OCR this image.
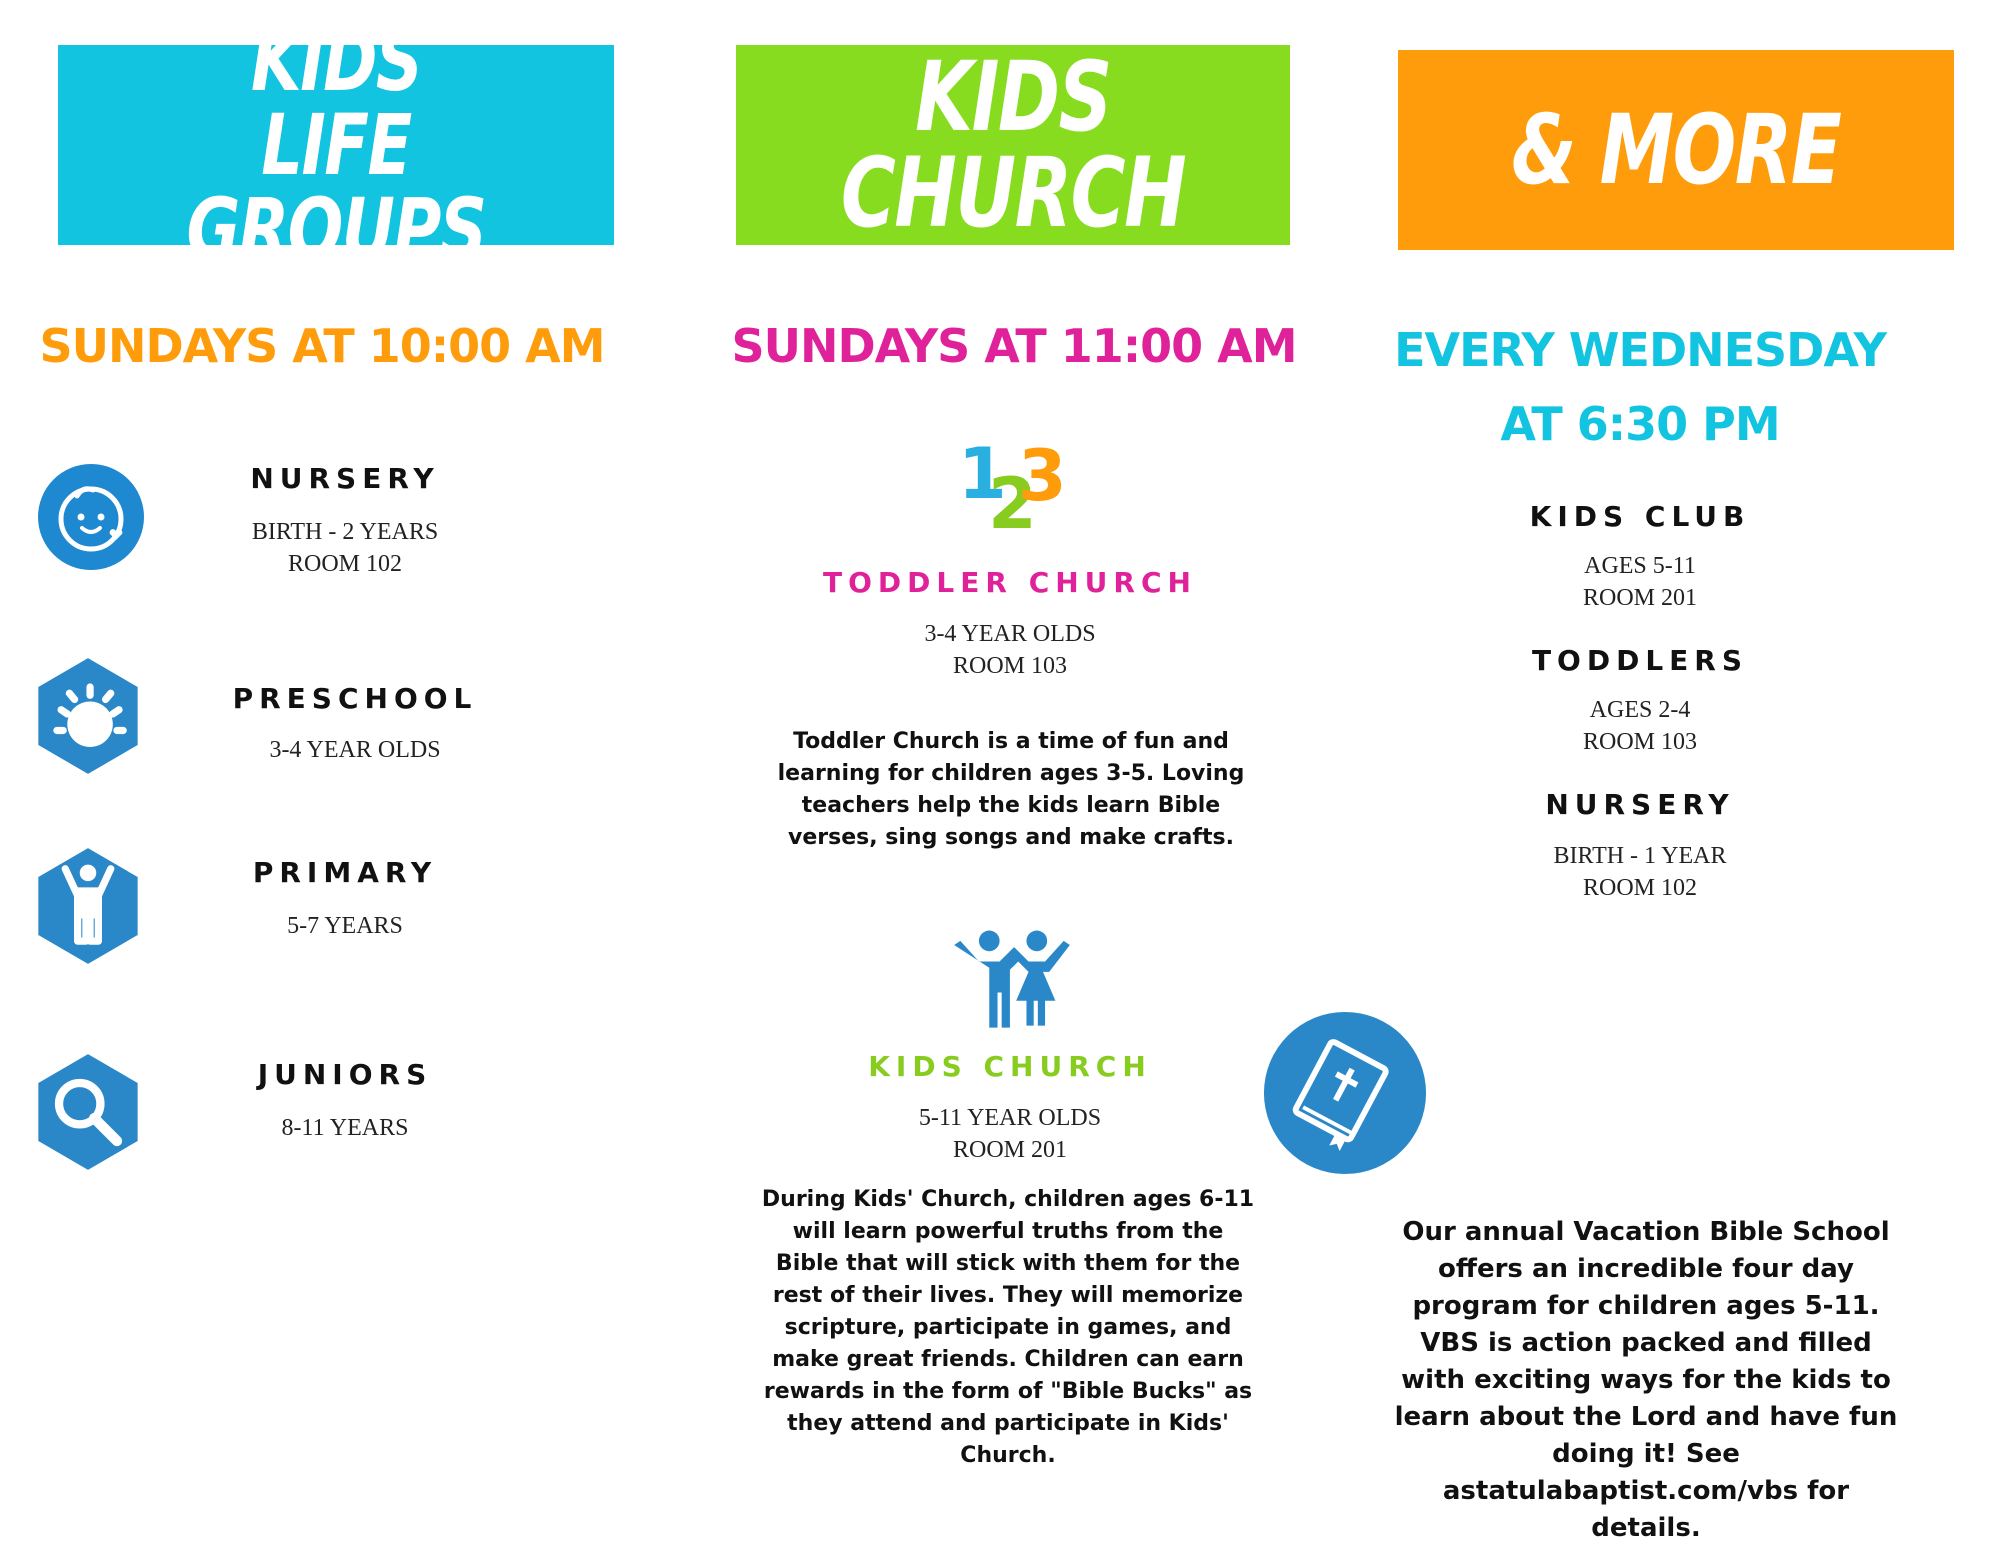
KIDS
LIFE GROUPS
SUNDAYS AT 10:00 AM
NURSERY
BIRTH - 2 YEARS
ROOM 102
PRESCHOOL
3-4 YEAR OLDS
PRIMARY
5-7 YEARS
JUNIORS
8-11 YEARS
KIDS CHURCH
SUNDAYS AT 11:00 AM
1
2
3
TODDLER CHURCH
3-4 YEAR OLDS
ROOM 103
Toddler Church is a time of fun and learning for children ages 3-5. Loving teachers help the kids learn Bible verses, sing songs and make crafts.
KIDS CHURCH
5-11 YEAR OLDS
ROOM 201
During Kids' Church, children ages 6-11 will learn powerful truths from the Bible that will stick with them for the rest of their lives. They will memorize scripture, participate in games, and make great friends. Children can earn rewards in the form of "Bible Bucks" as they attend and participate in Kids' Church.
& MORE
EVERY WEDNESDAY
AT 6:30 PM
KIDS CLUB
AGES 5-11
ROOM 201
TODDLERS
AGES 2-4
ROOM 103
NURSERY
BIRTH - 1 YEAR
ROOM 102
Our annual Vacation Bible School offers an incredible four day program for children ages 5-11. VBS is action packed and filled with exciting ways for the kids to learn about the Lord and have fun doing it! See astatulabaptist.com/vbs for details.
